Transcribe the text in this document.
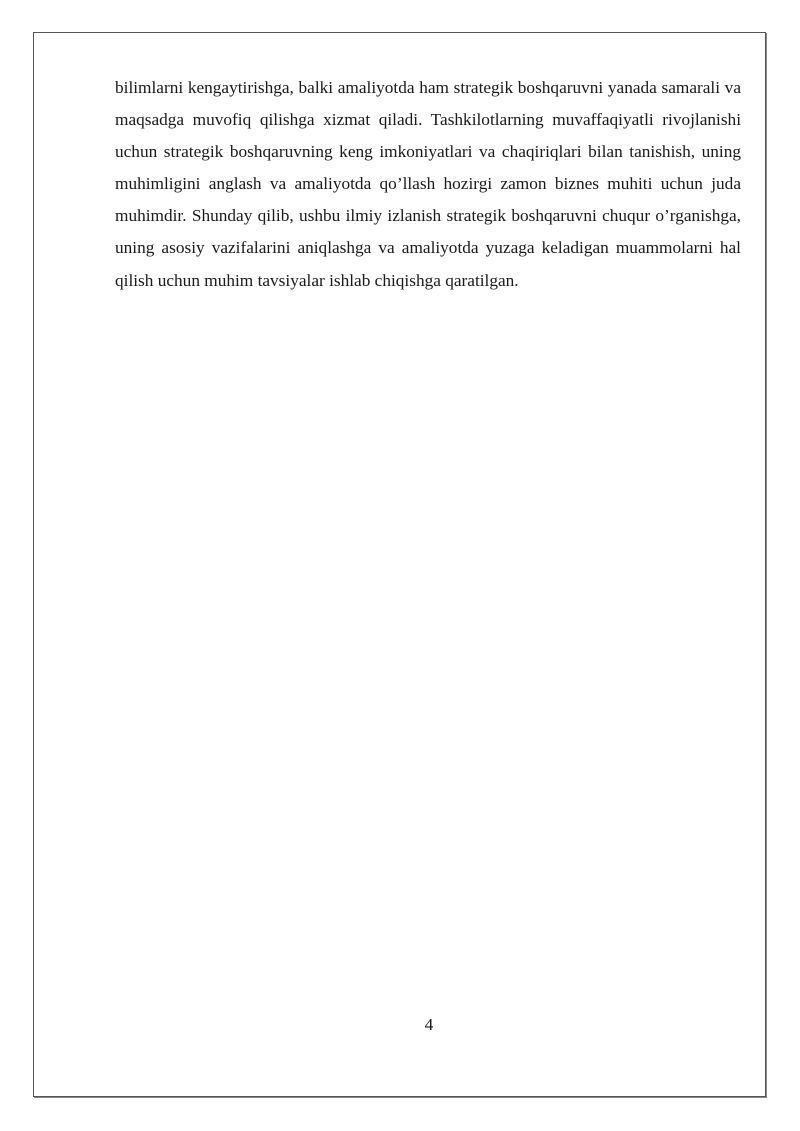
bilimlarni kengaytirishga, balki amaliyotda ham strategik boshqaruvni yanada samarali va maqsadga muvofiq qilishga xizmat qiladi. Tashkilotlarning muvaffaqiyatli rivojlanishi uchun strategik boshqaruvning keng imkoniyatlari va chaqiriqlari bilan tanishish, uning muhimligini anglash va amaliyotda qo’llash hozirgi zamon biznes muhiti uchun juda muhimdir. Shunday qilib, ushbu ilmiy izlanish strategik boshqaruvni chuqur o’rganishga, uning asosiy vazifalarini aniqlashga va amaliyotda yuzaga keladigan muammolarni hal qilish uchun muhim tavsiyalar ishlab chiqishga qaratilgan.

4
